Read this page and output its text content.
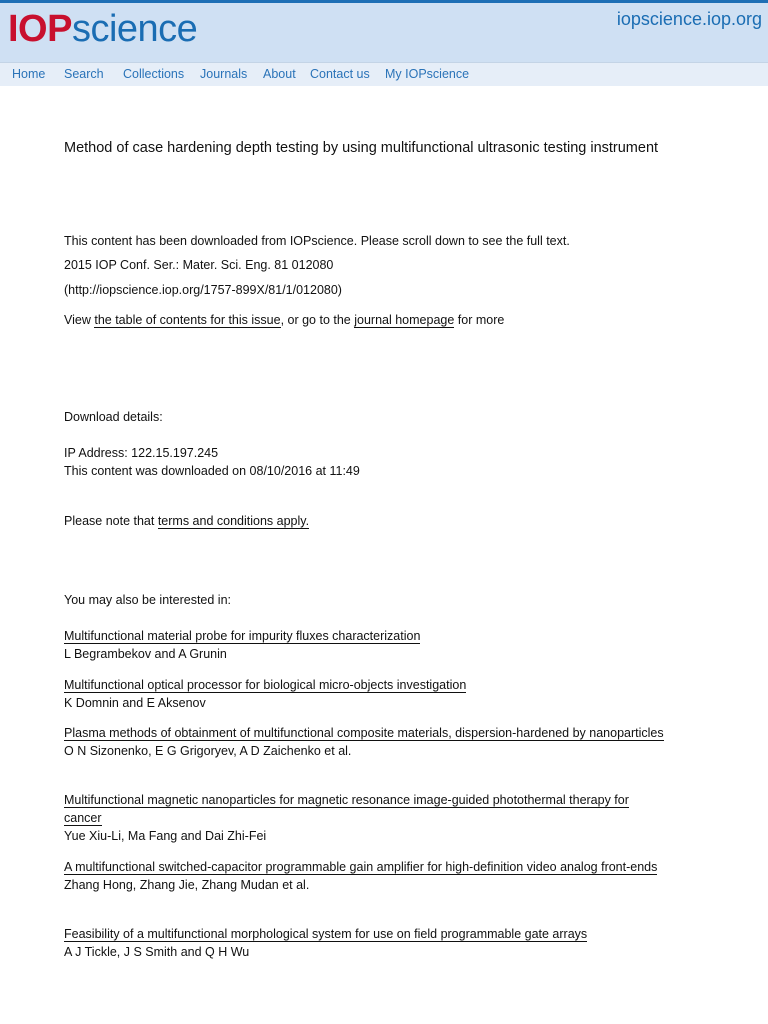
IOPscience	iopscience.iop.org
Home Search Collections Journals About Contact us My IOPscience
Method of case hardening depth testing by using multifunctional ultrasonic testing instrument
This content has been downloaded from IOPscience. Please scroll down to see the full text.
2015 IOP Conf. Ser.: Mater. Sci. Eng. 81 012080
(http://iopscience.iop.org/1757-899X/81/1/012080)
View the table of contents for this issue, or go to the journal homepage for more
Download details:
IP Address: 122.15.197.245
This content was downloaded on 08/10/2016 at 11:49
Please note that terms and conditions apply.
You may also be interested in:
Multifunctional material probe for impurity fluxes characterization
L Begrambekov and A Grunin
Multifunctional optical processor for biological micro-objects investigation
K Domnin and E Aksenov
Plasma methods of obtainment of multifunctional composite materials, dispersion-hardened by nanoparticles
O N Sizonenko, E G Grigoryev, A D Zaichenko et al.
Multifunctional magnetic nanoparticles for magnetic resonance image-guided photothermal therapy for cancer
Yue Xiu-Li, Ma Fang and Dai Zhi-Fei
A multifunctional switched-capacitor programmable gain amplifier for high-definition video analog front-ends
Zhang Hong, Zhang Jie, Zhang Mudan et al.
Feasibility of a multifunctional morphological system for use on field programmable gate arrays
A J Tickle, J S Smith and Q H Wu
